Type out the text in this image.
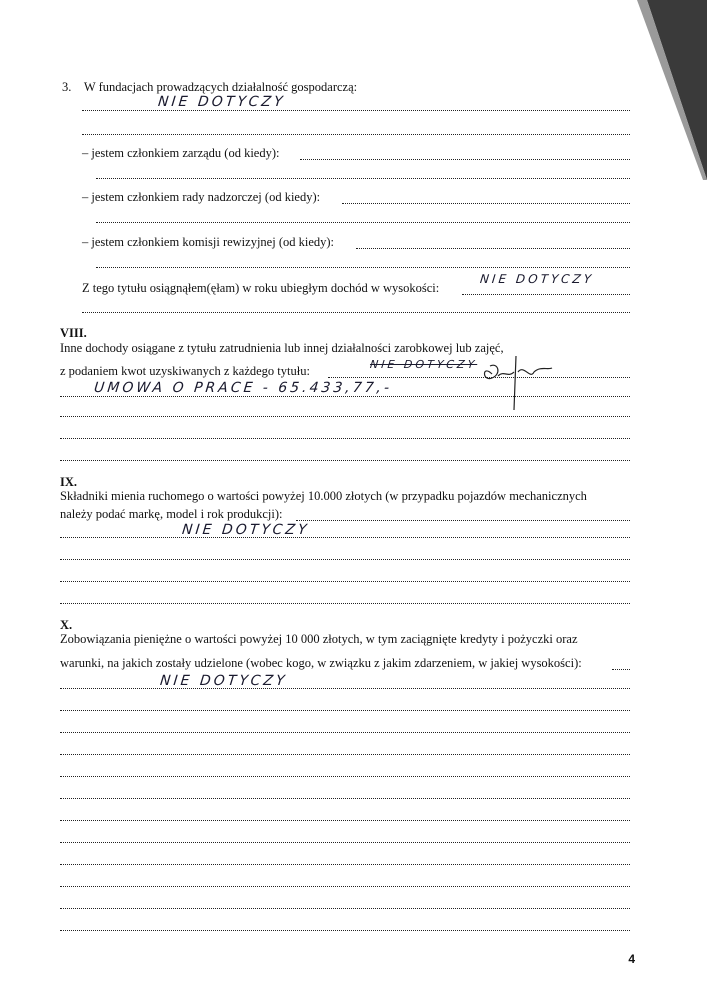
3. W fundacjach prowadzących działalność gospodarczą:
NIE DOTYCZY
– jestem członkiem zarządu (od kiedy):
– jestem członkiem rady nadzorczej (od kiedy):
– jestem członkiem komisji rewizyjnej (od kiedy):
Z tego tytułu osiągnąłem(ęłam) w roku ubiegłym dochód w wysokości:
NIE DOTYCZY
VIII.
Inne dochody osiągane z tytułu zatrudnienia lub innej działalności zarobkowej lub zajęć,
z podaniem kwot uzyskiwanych z każdego tytułu:	NIE DOTYCZY
UMOWA O PRACE - 65.433,77,-
IX.
Składniki mienia ruchomego o wartości powyżej 10.000 złotych (w przypadku pojazdów mechanicznych
należy podać markę, model i rok produkcji):
NIE DOTYCZY
X.
Zobowiązania pieniężne o wartości powyżej 10 000 złotych, w tym zaciągnięte kredyty i pożyczki oraz
warunki, na jakich zostały udzielone (wobec kogo, w związku z jakim zdarzeniem, w jakiej wysokości):
NIE DOTYCZY
4
